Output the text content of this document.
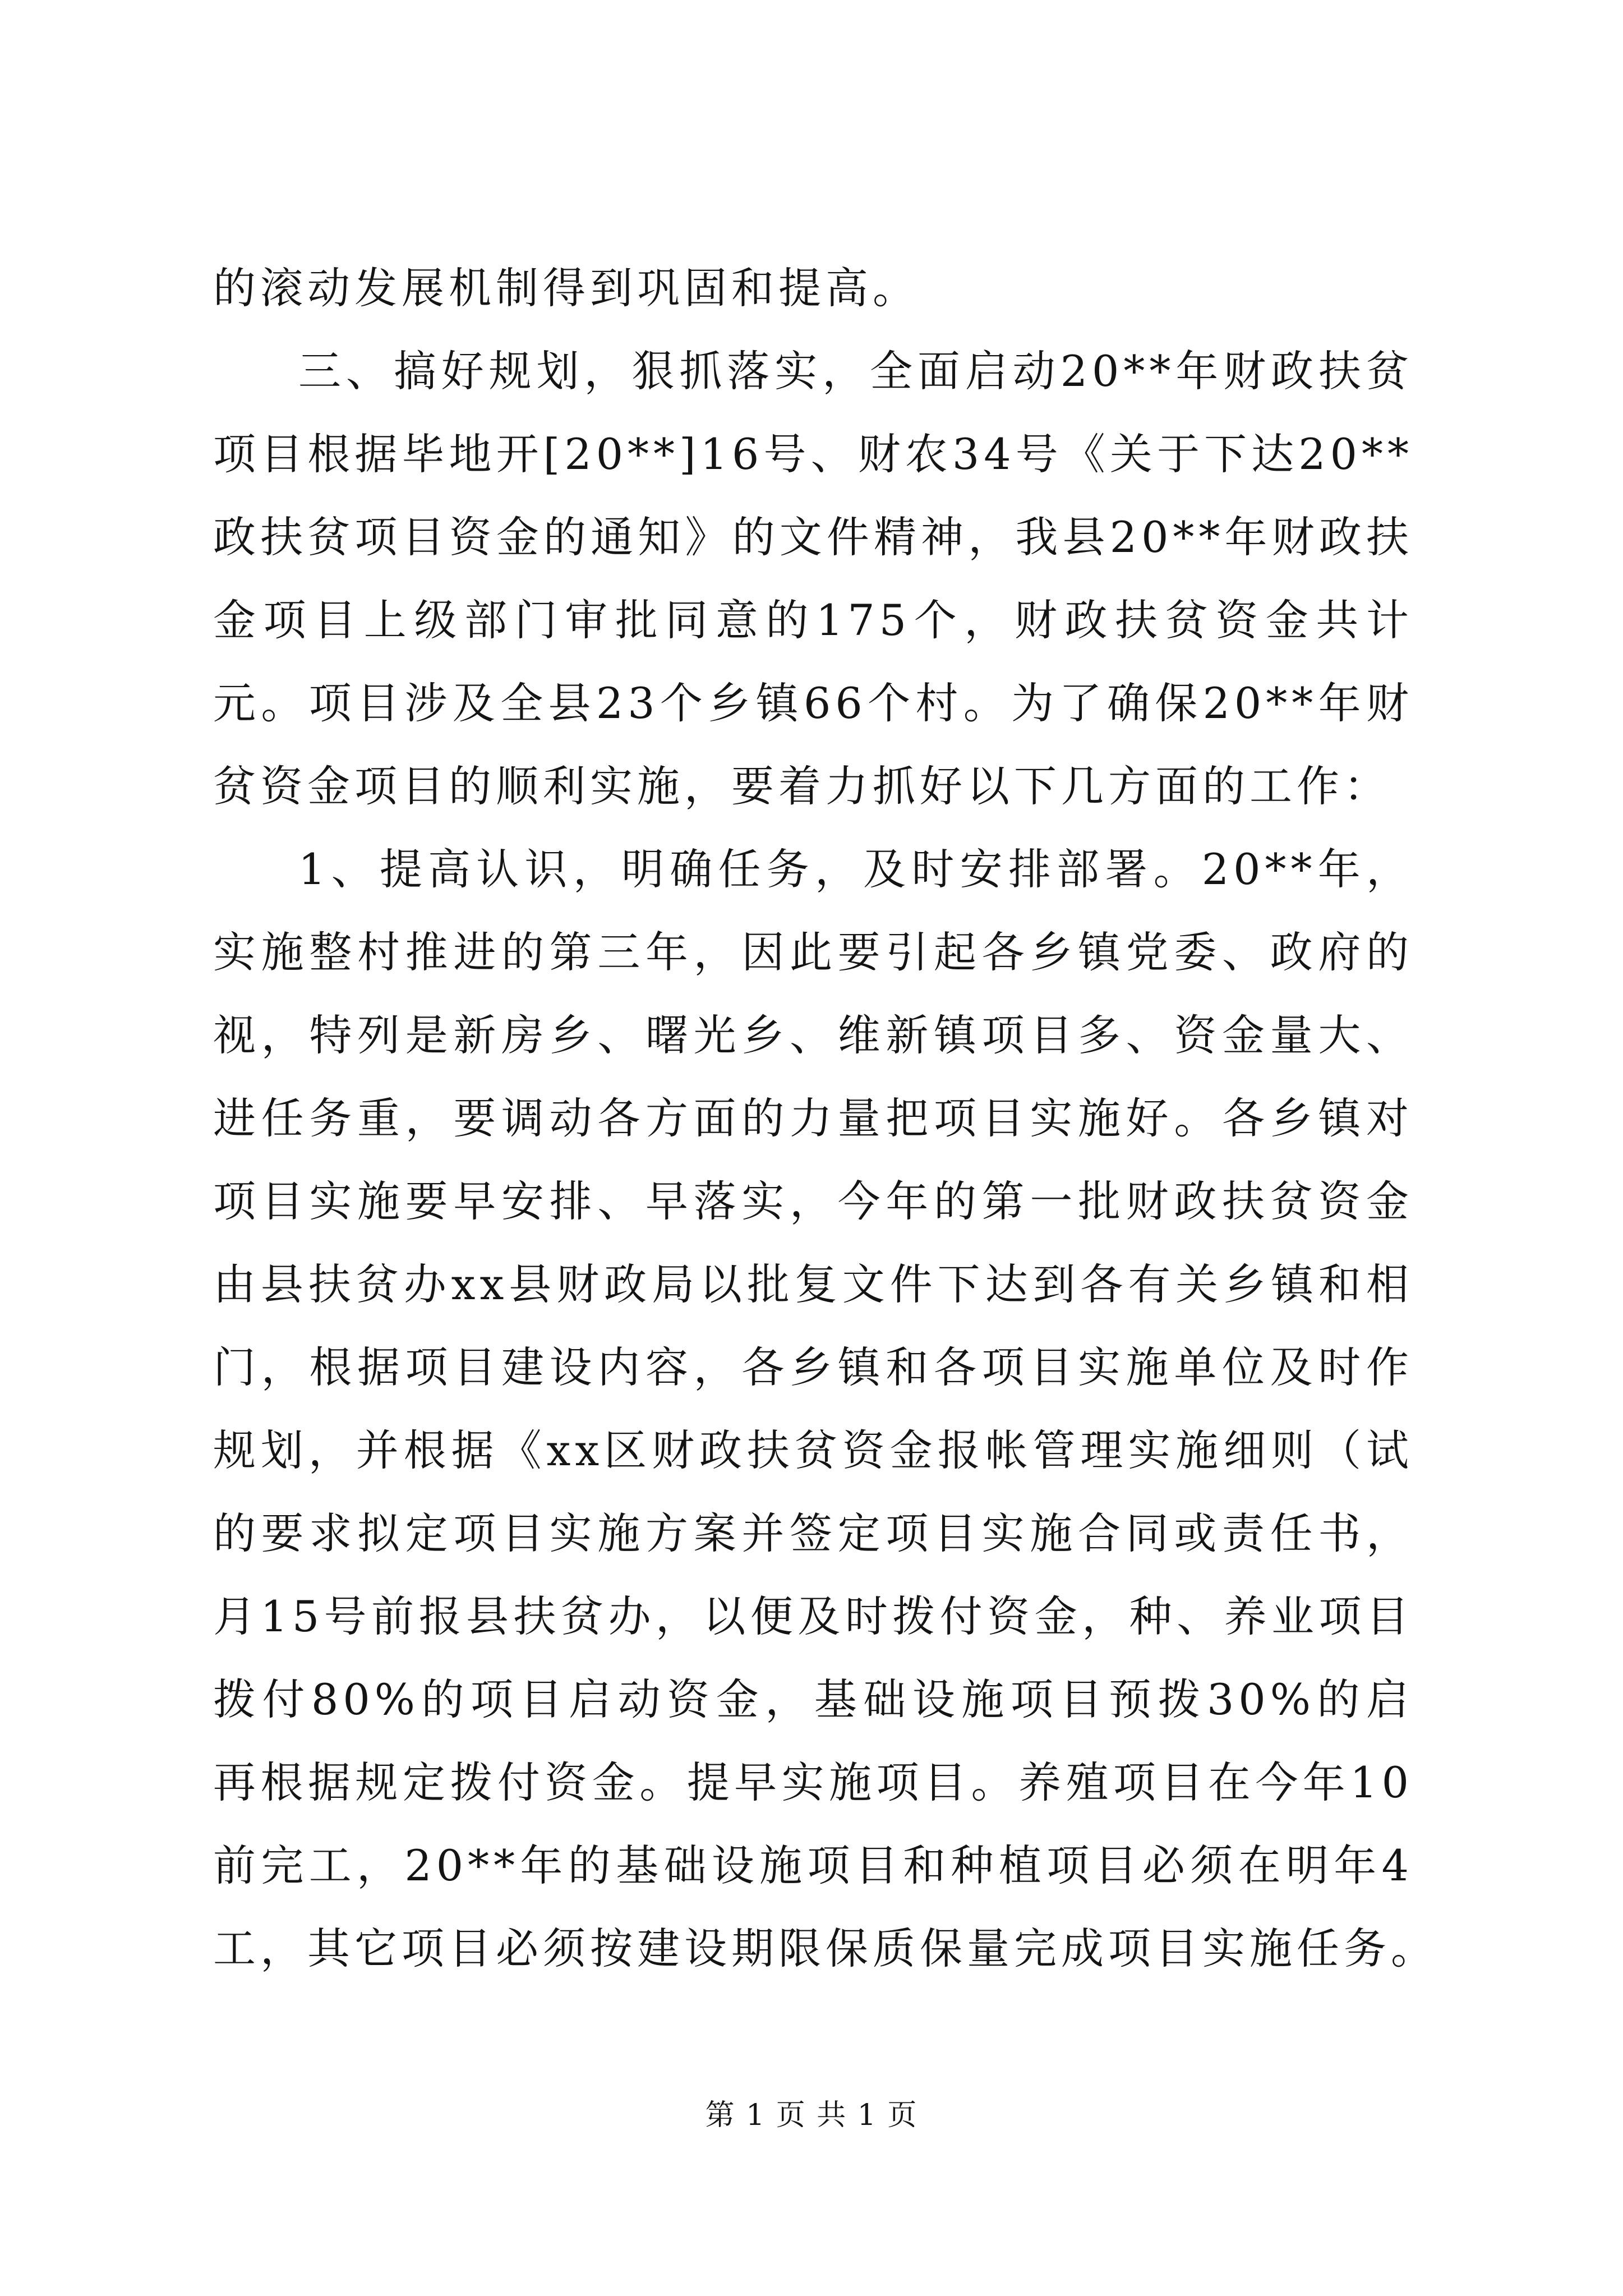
的滚动发展机制得到巩固和提高。
三、搞好规划，狠抓落实，全面启动20**年财政扶贫
项目根据毕地开[20**]16号、财农34号《关于下达20**
政扶贫项目资金的通知》的文件精神，我县20**年财政扶
金项目上级部门审批同意的175个，财政扶贫资金共计
元。项目涉及全县23个乡镇66个村。为了确保20**年财
贫资金项目的顺利实施，要着力抓好以下几方面的工作：
1、提高认识，明确任务，及时安排部署。20**年，
实施整村推进的第三年，因此要引起各乡镇党委、政府的
视，特列是新房乡、曙光乡、维新镇项目多、资金量大、
进任务重，要调动各方面的力量把项目实施好。各乡镇对
项目实施要早安排、早落实，今年的第一批财政扶贫资金
由县扶贫办xx县财政局以批复文件下达到各有关乡镇和相
门，根据项目建设内容，各乡镇和各项目实施单位及时作
规划，并根据《xx区财政扶贫资金报帐管理实施细则（试
的要求拟定项目实施方案并签定项目实施合同或责任书，
月15号前报县扶贫办，以便及时拨付资金，种、养业项目
拨付80%的项目启动资金，基础设施项目预拨30%的启
再根据规定拨付资金。提早实施项目。养殖项目在今年10
前完工，20**年的基础设施项目和种植项目必须在明年4
工，其它项目必须按建设期限保质保量完成项目实施任务。
第 1 页 共 1 页
